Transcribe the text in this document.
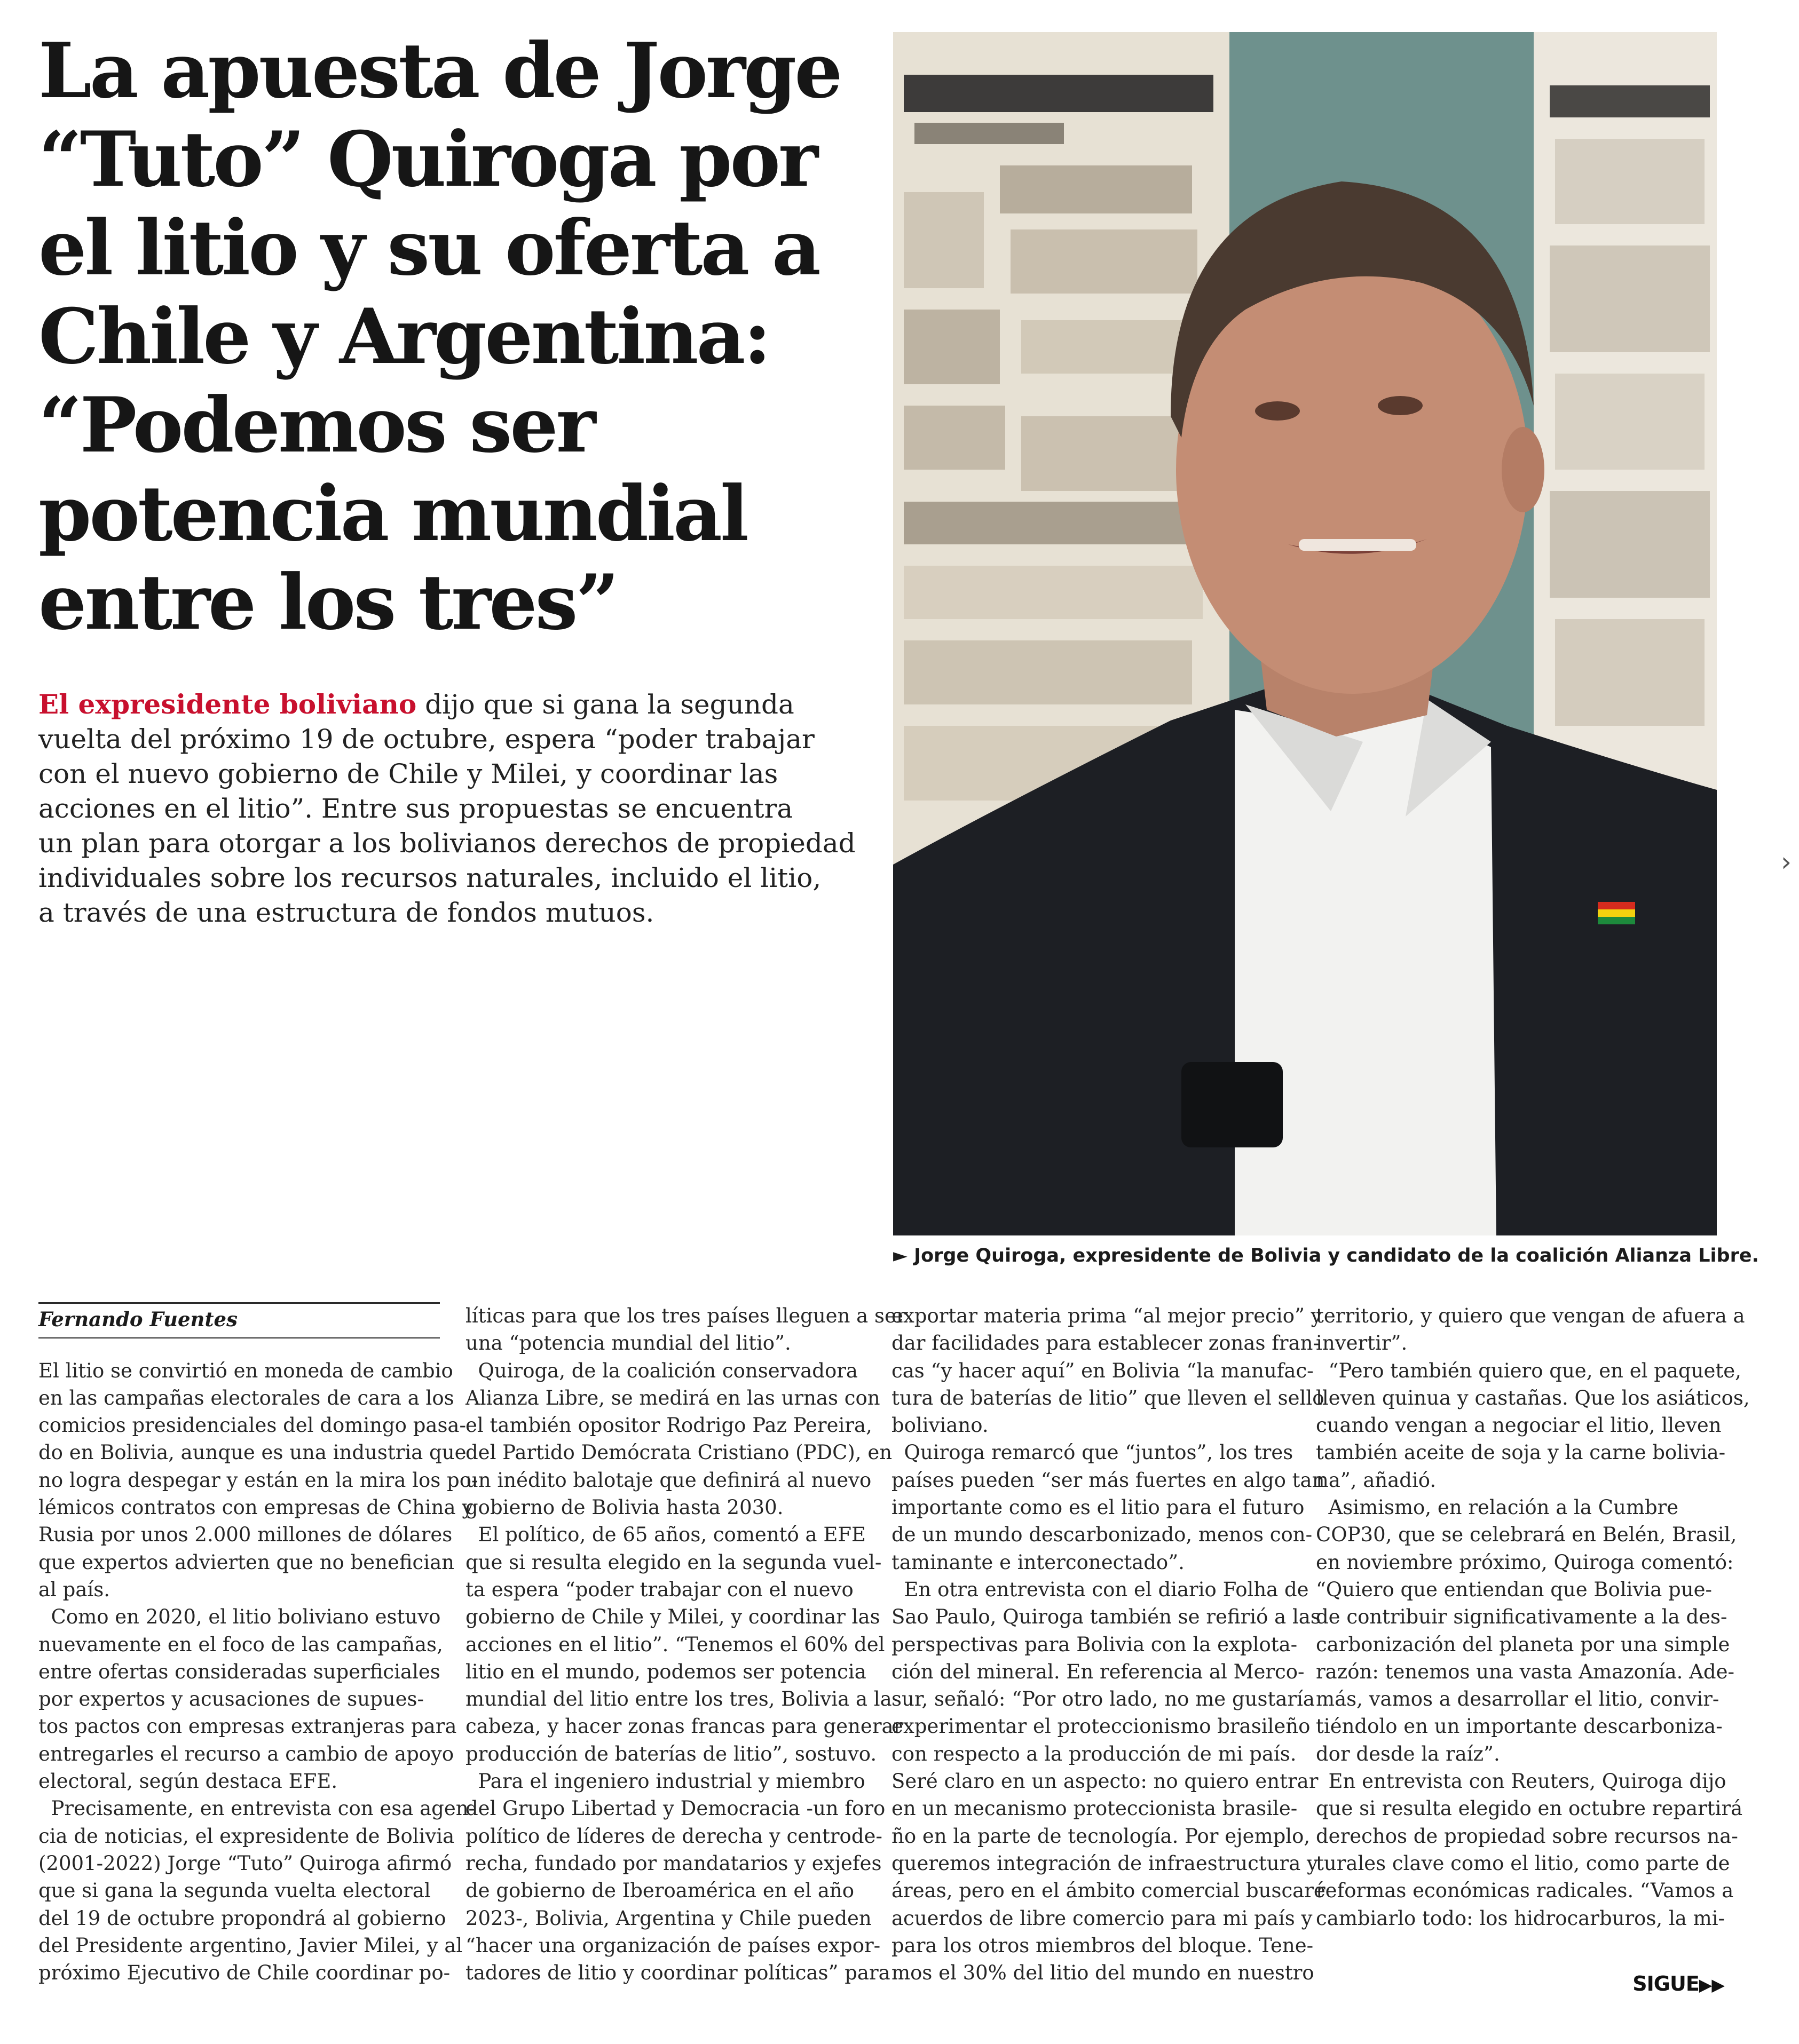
La apuesta de Jorge
“Tuto” Quiroga por
el litio y su oferta a
Chile y Argentina:
“Podemos ser
potencia mundial
entre los tres”
El expresidente boliviano dijo que si gana la segunda
vuelta del próximo 19 de octubre, espera “poder trabajar
con el nuevo gobierno de Chile y Milei, y coordinar las
acciones en el litio”. Entre sus propuestas se encuentra
un plan para otorgar a los bolivianos derechos de propiedad
individuales sobre los recursos naturales, incluido el litio,
a través de una estructura de fondos mutuos.
► Jorge Quiroga, expresidente de Bolivia y candidato de la coalición Alianza Libre.
›
Fernando Fuentes
El litio se convirtió en moneda de cambio
en las campañas electorales de cara a los
comicios presidenciales del domingo pasa-
do en Bolivia, aunque es una industria que
no logra despegar y están en la mira los po-
lémicos contratos con empresas de China y
Rusia por unos 2.000 millones de dólares
que expertos advierten que no benefician
al país.
Como en 2020, el litio boliviano estuvo
nuevamente en el foco de las campañas,
entre ofertas consideradas superficiales
por expertos y acusaciones de supues-
tos pactos con empresas extranjeras para
entregarles el recurso a cambio de apoyo
electoral, según destaca EFE.
Precisamente, en entrevista con esa agen-
cia de noticias, el expresidente de Bolivia
(2001-2022) Jorge “Tuto” Quiroga afirmó
que si gana la segunda vuelta electoral
del 19 de octubre propondrá al gobierno
del Presidente argentino, Javier Milei, y al
próximo Ejecutivo de Chile coordinar po-
líticas para que los tres países lleguen a ser
una “potencia mundial del litio”.
Quiroga, de la coalición conservadora
Alianza Libre, se medirá en las urnas con
el también opositor Rodrigo Paz Pereira,
del Partido Demócrata Cristiano (PDC), en
un inédito balotaje que definirá al nuevo
gobierno de Bolivia hasta 2030.
El político, de 65 años, comentó a EFE
que si resulta elegido en la segunda vuel-
ta espera “poder trabajar con el nuevo
gobierno de Chile y Milei, y coordinar las
acciones en el litio”. “Tenemos el 60% del
litio en el mundo, podemos ser potencia
mundial del litio entre los tres, Bolivia a la
cabeza, y hacer zonas francas para generar
producción de baterías de litio”, sostuvo.
Para el ingeniero industrial y miembro
del Grupo Libertad y Democracia -un foro
político de líderes de derecha y centrode-
recha, fundado por mandatarios y exjefes
de gobierno de Iberoamérica en el año
2023-, Bolivia, Argentina y Chile pueden
“hacer una organización de países expor-
tadores de litio y coordinar políticas” para
exportar materia prima “al mejor precio” y
dar facilidades para establecer zonas fran-
cas “y hacer aquí” en Bolivia “la manufac-
tura de baterías de litio” que lleven el sello
boliviano.
Quiroga remarcó que “juntos”, los tres
países pueden “ser más fuertes en algo tan
importante como es el litio para el futuro
de un mundo descarbonizado, menos con-
taminante e interconectado”.
En otra entrevista con el diario Folha de
Sao Paulo, Quiroga también se refirió a las
perspectivas para Bolivia con la explota-
ción del mineral. En referencia al Merco-
sur, señaló: “Por otro lado, no me gustaría
experimentar el proteccionismo brasileño
con respecto a la producción de mi país.
Seré claro en un aspecto: no quiero entrar
en un mecanismo proteccionista brasile-
ño en la parte de tecnología. Por ejemplo,
queremos integración de infraestructura y
áreas, pero en el ámbito comercial buscaré
acuerdos de libre comercio para mi país y
para los otros miembros del bloque. Tene-
mos el 30% del litio del mundo en nuestro
territorio, y quiero que vengan de afuera a
invertir”.
“Pero también quiero que, en el paquete,
lleven quinua y castañas. Que los asiáticos,
cuando vengan a negociar el litio, lleven
también aceite de soja y la carne bolivia-
na”, añadió.
Asimismo, en relación a la Cumbre
COP30, que se celebrará en Belén, Brasil,
en noviembre próximo, Quiroga comentó:
“Quiero que entiendan que Bolivia pue-
de contribuir significativamente a la des-
carbonización del planeta por una simple
razón: tenemos una vasta Amazonía. Ade-
más, vamos a desarrollar el litio, convir-
tiéndolo en un importante descarboniza-
dor desde la raíz”.
En entrevista con Reuters, Quiroga dijo
que si resulta elegido en octubre repartirá
derechos de propiedad sobre recursos na-
turales clave como el litio, como parte de
reformas económicas radicales. “Vamos a
cambiarlo todo: los hidrocarburos, la mi-
SIGUE▶▶
